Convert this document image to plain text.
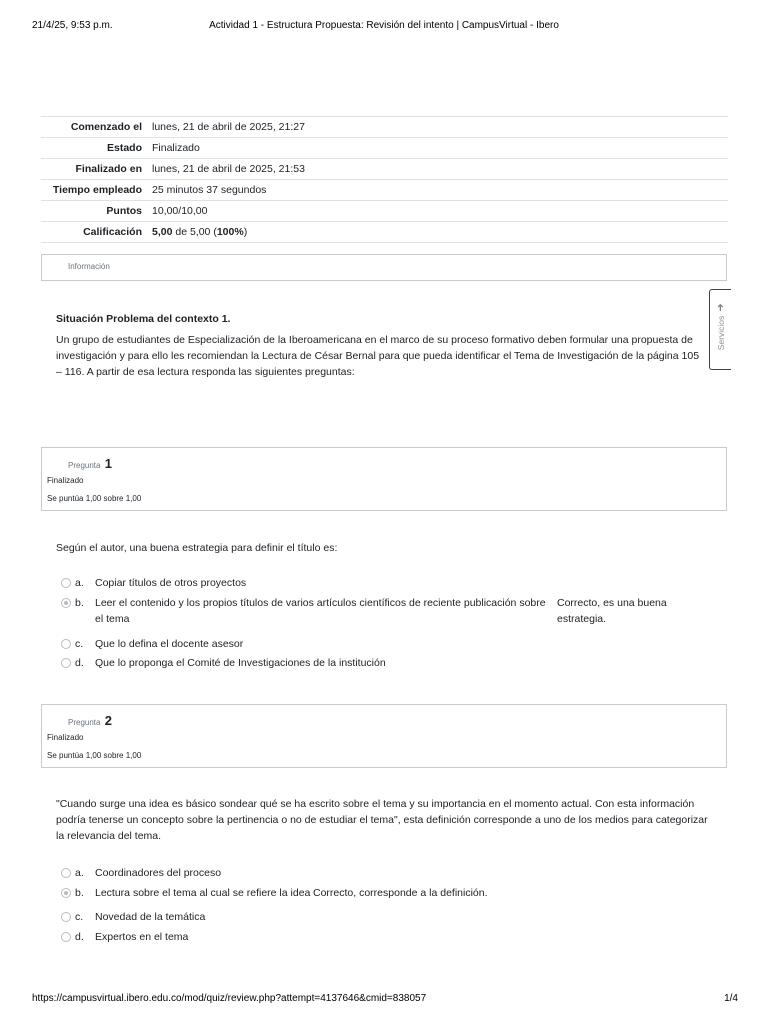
21/4/25, 9:53 p.m.	Actividad 1 - Estructura Propuesta: Revisión del intento | CampusVirtual - Ibero
Comenzado el	lunes, 21 de abril de 2025, 21:27
Estado	Finalizado
Finalizado en	lunes, 21 de abril de 2025, 21:53
Tiempo empleado	25 minutos 37 segundos
Puntos	10,00/10,00
Calificación	5,00 de 5,00 (100%)
Información
Situación Problema del contexto 1.
Un grupo de estudiantes de Especialización de la Iberoamericana en el marco de su proceso formativo deben formular una propuesta de investigación y para ello les recomiendan la Lectura de César Bernal para que pueda identificar el Tema de Investigación de la página 105 – 116. A partir de esa lectura responda las siguientes preguntas:
➜
Servicios
Pregunta 1
Finalizado
Se puntúa 1,00 sobre 1,00
Según el autor, una buena estrategia para definir el título es:
a. Copiar títulos de otros proyectos
b. Leer el contenido y los propios títulos de varios artículos científicos de reciente publicación sobre el tema
Correcto, es una buena estrategia.
c. Que lo defina el docente asesor
d. Que lo proponga el Comité de Investigaciones de la institución
Pregunta 2
Finalizado
Se puntúa 1,00 sobre 1,00
"Cuando surge una idea es básico sondear qué se ha escrito sobre el tema y su importancia en el momento actual. Con esta información podría tenerse un concepto sobre la pertinencia o no de estudiar el tema", esta definición corresponde a uno de los medios para categorizar la relevancia del tema.
a. Coordinadores del proceso
b. Lectura sobre el tema al cual se refiere la idea Correcto, corresponde a la definición.
c. Novedad de la temática
d. Expertos en el tema
https://campusvirtual.ibero.edu.co/mod/quiz/review.php?attempt=4137646&cmid=838057	1/4
